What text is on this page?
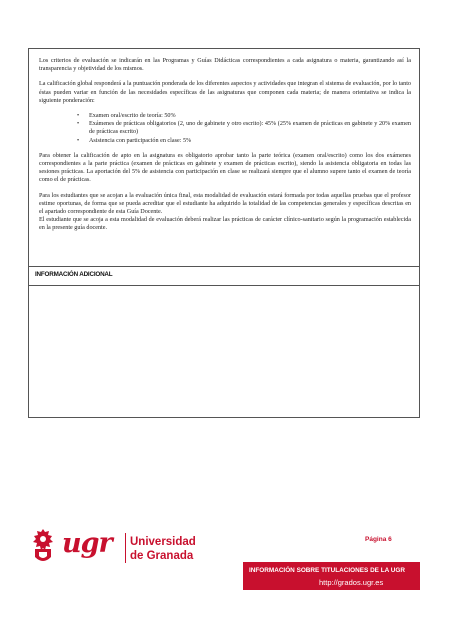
Los criterios de evaluación se indicarán en las Programas y Guías Didácticas correspondientes a cada asignatura o materia, garantizando así la transparencia y objetividad de los mismos.

La calificación global responderá a la puntuación ponderada de los diferentes aspectos y actividades que integran el sistema de evaluación, por lo tanto éstas pueden variar en función de las necesidades específicas de las asignaturas que componen cada materia; de manera orientativa se indica la siguiente ponderación:

• Examen oral/escrito de teoría: 50%
• Exámenes de prácticas obligatorios (2, uno de gabinete y otro escrito): 45% (25% examen de prácticas en gabinete y 20% examen de prácticas escrito)
• Asistencia con participación en clase: 5%

Para obtener la calificación de apto en la asignatura es obligatorio aprobar tanto la parte teórica (examen oral/escrito) como los dos exámenes correspondientes a la parte práctica (examen de prácticas en gabinete y examen de prácticas escrito), siendo la asistencia obligatoria en todas las sesiones prácticas. La aportación del 5% de asistencia con participación en clase se realizará siempre que el alumno supere tanto el examen de teoría como el de prácticas.

Para los estudiantes que se acojan a la evaluación única final, esta modalidad de evaluación estará formada por todas aquellas pruebas que el profesor estime oportunas, de forma que se pueda acreditar que el estudiante ha adquirido la totalidad de las competencias generales y específicas descritas en el apartado correspondiente de esta Guía Docente.

El estudiante que se acoja a esta modalidad de evaluación deberá realizar las prácticas de carácter clínico-sanitario según la programación establecida en la presente guía docente.

INFORMACIÓN ADICIONAL
ugr Universidad
de Granada
Página 6
INFORMACIÓN SOBRE TITULACIONES DE LA UGR
http://grados.ugr.es
